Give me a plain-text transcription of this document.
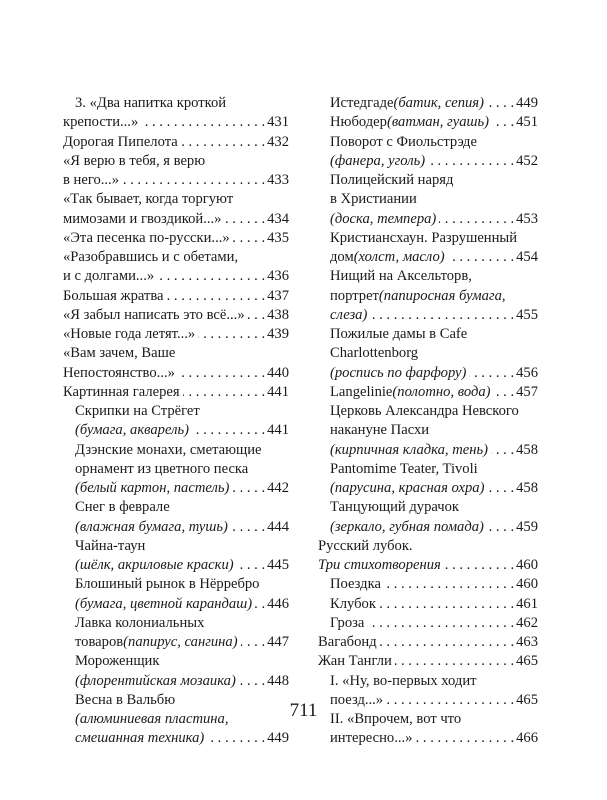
3. «Два напитка кроткой
крепости...» . . .	431
Дорогая Пипелота . . .	432
«Я верю в тебя, я верю
в него...» . . .	433
«Так бывает, когда торгуют
мимозами и гвоздикой...» . . .	434
«Эта песенка по-русски...» . . .	435
«Разобравшись и с обетами,
и с долгами...» . . .	436
Большая жратва . . .	437
«Я забыл написать это всё...» . . . 438
«Новые года летят...» . . .	439
«Вам зачем, Ваше
Непостоянство...» . . .	440
Картинная галерея . . .	441
Скрипки на Стрёгет
(бумага, акварель) . . .	441
Дзэнские монахи, сметающие
орнамент из цветного песка
(белый картон, пастель) . . .	442
Снег в феврале
(влажная бумага, тушь) . . .	444
Чайна-таун
(шёлк, акриловые краски) . . . 445
Блошиный рынок в Нёрребро
(бумага, цветной карандаш) . . . 446
Лавка колониальных
товаров (папирус, сангина) . . . 447
Мороженщик
(флорентийская мозаика) . . . 448
Весна в Вальбю
(алюминиевая пластина,
смешанная техника) . . .	449
Истедгаде (батик, сепия) . . . 449
Нюбодер (ватман, гуашь) . . . 451
Поворот с Фиольстрэде
(фанера, уголь) . . .	452
Полицейский наряд
в Христиании
(доска, темпера) . . .	453
Кристиансхаун. Разрушенный
дом (холст, масло) . . .	454
Нищий на Аксельторв,
портрет (папиросная бумага,
слеза) . . .	455
Пожилые дамы в Cafe
Charlottenborg
(роспись по фарфору) . . .	456
Langelinie (полотно, вода) . . . 457
Церковь Александра Невского
накануне Пасхи
(кирпичная кладка, тень) . . . 458
Pantomime Teater, Tivoli
(парусина, красная охра) . . . 458
Танцующий дурачок
(зеркало, губная помада) . . . 459
Русский лубок.
Три стихотворения . . .	460
Поездка . . .	460
Клубок . . .	461
Гроза . . .	462
Вагабонд . . .	463
Жан Тангли . . .	465
I. «Ну, во-первых ходит
поезд...» . . .	465
II. «Впрочем, вот что
интересно...» . . .	466
711
